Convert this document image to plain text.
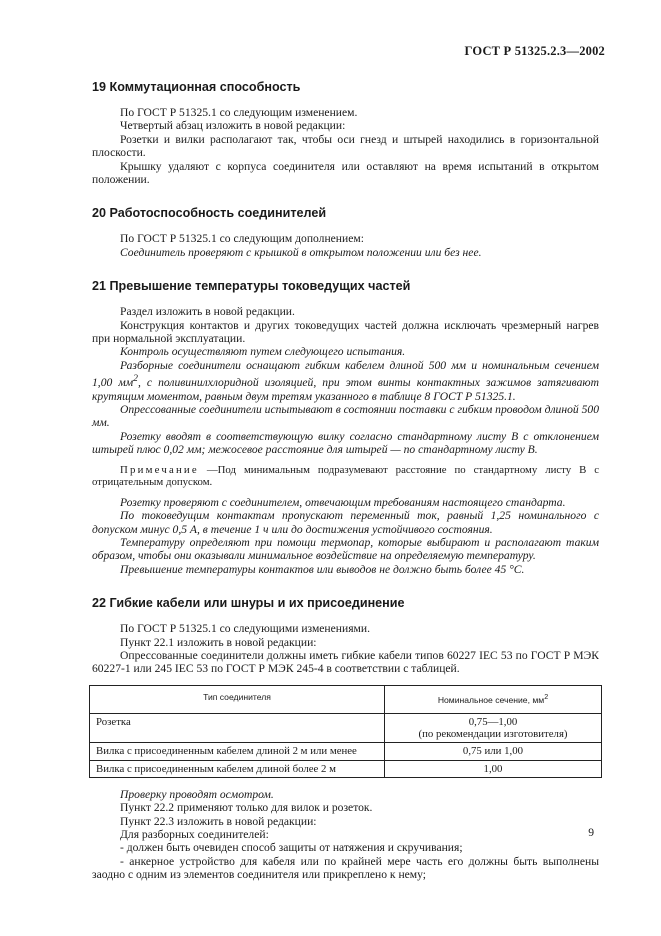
ГОСТ Р 51325.2.3—2002
19 Коммутационная способность

По ГОСТ Р 51325.1 со следующим изменением.

Четвертый абзац изложить в новой редакции:

Розетки и вилки располагают так, чтобы оси гнезд и штырей находились в горизонтальной плоскости.

Крышку удаляют с корпуса соединителя или оставляют на время испытаний в открытом положении.

20 Работоспособность соединителей

По ГОСТ Р 51325.1 со следующим дополнением:

Соединитель проверяют с крышкой в открытом положении или без нее.

21 Превышение температуры токоведущих частей

Раздел изложить в новой редакции.

Конструкция контактов и других токоведущих частей должна исключать чрезмерный нагрев при нормальной эксплуатации.

Контроль осуществляют путем следующего испытания.

Разборные соединители оснащают гибким кабелем длиной 500 мм и номинальным сечением 1,00 $мм^2$, с поливинилхлоридной изоляцией, при этом винты контактных зажимов затягивают крутящим моментом, равным двум третям указанного в таблице 8 ГОСТ Р 51325.1.

Опрессованные соединители испытывают в состоянии поставки с гибким проводом длиной 500 мм.

Розетку вводят в соответствующую вилку согласно стандартному листу В с отклонением штырей плюс 0,02 мм; межосевое расстояние для штырей — по стандартному листу В.

Примечание —Под минимальным подразумевают расстояние по стандартному листу В с отрицательным допуском.

Розетку проверяют с соединителем, отвечающим требованиям настоящего стандарта.

По токоведущим контактам пропускают переменный ток, равный 1,25 номинального с допуском минус 0,5 А, в течение 1 ч или до достижения устойчивого состояния.

Температуру определяют при помощи термопар, которые выбирают и располагают таким образом, чтобы они оказывали минимальное воздействие на определяемую температуру.

Превышение температуры контактов или выводов не должно быть более 45 °С.

22 Гибкие кабели или шнуры и их присоединение

По ГОСТ Р 51325.1 со следующими изменениями.

Пункт 22.1 изложить в новой редакции:

Опрессованные соединители должны иметь гибкие кабели типов 60227 IEC 53 по ГОСТ Р МЭК 60227-1 или 245 IEC 53 по ГОСТ Р МЭК 245-4 в соответствии с таблицей.

Тип соединителя	Номинальное сечение, $мм^2$
Розетка	0,75—1,00
(по рекомендации изготовителя)

Вилка с присоединенным кабелем длиной 2 м или менее	0,75 или 1,00
Вилка с присоединенным кабелем длиной более 2 м	1,00

Проверку проводят осмотром.

Пункт 22.2 применяют только для вилок и розеток.

Пункт 22.3 изложить в новой редакции:

Для разборных соединителей:

- должен быть очевиден способ защиты от натяжения и скручивания;

- анкерное устройство для кабеля или по крайней мере часть его должны быть выполнены заодно с одним из элементов соединителя или прикреплено к нему;

9
